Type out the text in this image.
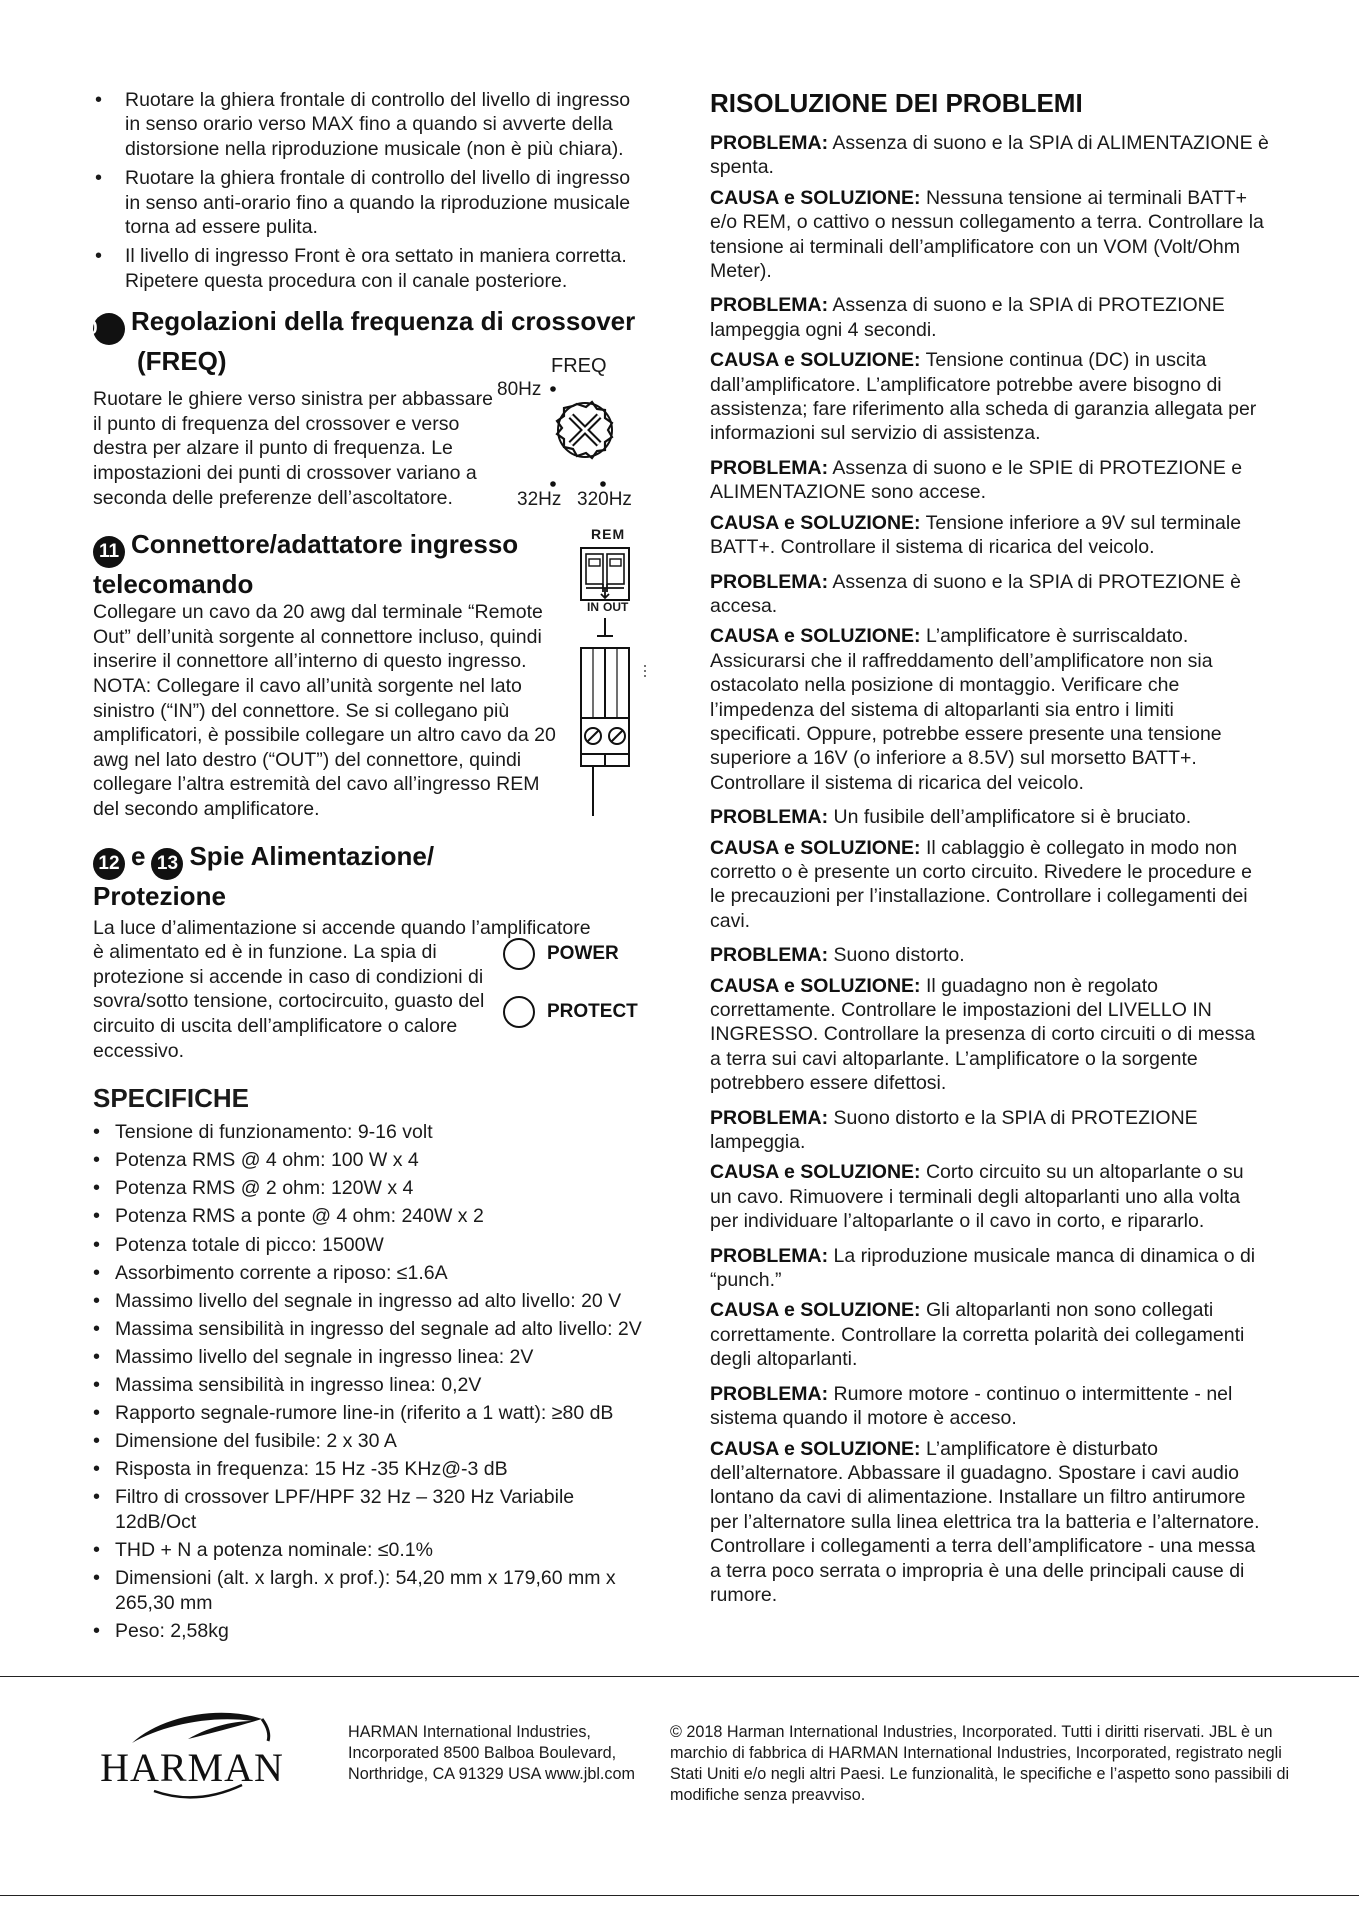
• Ruotare la ghiera frontale di controllo del livello di ingresso in senso orario verso MAX fino a quando si avverte della distorsione nella riproduzione musicale (non è più chiara).
• Ruotare la ghiera frontale di controllo del livello di ingresso in senso anti-orario fino a quando la riproduzione musicale torna ad essere pulita.
• Il livello di ingresso Front è ora settato in maniera corretta. Ripetere questa procedura con il canale posteriore.
10 Regolazioni della frequenza di crossover (FREQ)

Ruotare le ghiere verso sinistra per abbassare il punto di frequenza del crossover e verso destra per alzare il punto di frequenza. Le impostazioni dei punti di crossover variano a seconda delle preferenze dell’ascoltatore.

FREQ
80Hz
32Hz 320Hz
11 Connettore/adattatore ingresso telecomando

Collegare un cavo da 20 awg dal terminale “Remote Out” dell’unità sorgente al connettore incluso, quindi inserire il connettore all’interno di questo ingresso. NOTA: Collegare il cavo all’unità sorgente nel lato sinistro (“IN”) del connettore. Se si collegano più amplificatori, è possibile collegare un altro cavo da 20 awg nel lato destro (“OUT”) del connettore, quindi collegare l’altra estremità del cavo all’ingresso REM del secondo amplificatore.

REM
IN OUT
12 e 13 Spie Alimentazione/ Protezione

La luce d’alimentazione si accende quando l’amplificatore

è alimentato ed è in funzione. La spia di protezione si accende in caso di condizioni di sovra/sotto tensione, cortocircuito, guasto del circuito di uscita dell’amplificatore o calore eccessivo.

POWER
PROTECT
SPECIFICHE
• Tensione di funzionamento: 9-16 volt
• Potenza RMS @ 4 ohm: 100 W x 4
• Potenza RMS @ 2 ohm: 120W x 4
• Potenza RMS a ponte @ 4 ohm: 240W x 2
• Potenza totale di picco: 1500W
• Assorbimento corrente a riposo: ≤1.6A
• Massimo livello del segnale in ingresso ad alto livello: 20 V
• Massima sensibilità in ingresso del segnale ad alto livello: 2V
• Massimo livello del segnale in ingresso linea: 2V
• Massima sensibilità in ingresso linea: 0,2V
• Rapporto segnale-rumore line-in (riferito a 1 watt): ≥80 dB
• Dimensione del fusibile: 2 x 30 A
• Risposta in frequenza: 15 Hz -35 KHz@-3 dB
• Filtro di crossover LPF/HPF 32 Hz – 320 Hz Variabile 12dB/Oct
• THD + N a potenza nominale: ≤0.1%
• Dimensioni (alt. x largh. x prof.): 54,20 mm x 179,60 mm x 265,30 mm
• Peso: 2,58kg
RISOLUZIONE DEI PROBLEMI

PROBLEMA: Assenza di suono e la SPIA di ALIMENTAZIONE è spenta.

CAUSA e SOLUZIONE: Nessuna tensione ai terminali BATT+ e/o REM, o cattivo o nessun collegamento a terra. Controllare la tensione ai terminali dell’amplificatore con un VOM (Volt/Ohm Meter).

PROBLEMA: Assenza di suono e la SPIA di PROTEZIONE lampeggia ogni 4 secondi.

CAUSA e SOLUZIONE: Tensione continua (DC) in uscita dall’amplificatore. L’amplificatore potrebbe avere bisogno di assistenza; fare riferimento alla scheda di garanzia allegata per informazioni sul servizio di assistenza.

PROBLEMA: Assenza di suono e le SPIE di PROTEZIONE e ALIMENTAZIONE sono accese.

CAUSA e SOLUZIONE: Tensione inferiore a 9V sul terminale BATT+. Controllare il sistema di ricarica del veicolo.

PROBLEMA: Assenza di suono e la SPIA di PROTEZIONE è accesa.

CAUSA e SOLUZIONE: L’amplificatore è surriscaldato. Assicurarsi che il raffreddamento dell’amplificatore non sia ostacolato nella posizione di montaggio. Verificare che l’impedenza del sistema di altoparlanti sia entro i limiti specificati. Oppure, potrebbe essere presente una tensione superiore a 16V (o inferiore a 8.5V) sul morsetto BATT+. Controllare il sistema di ricarica del veicolo.

PROBLEMA: Un fusibile dell’amplificatore si è bruciato.

CAUSA e SOLUZIONE: Il cablaggio è collegato in modo non corretto o è presente un corto circuito. Rivedere le procedure e le precauzioni per l’installazione. Controllare i collegamenti dei cavi.

PROBLEMA: Suono distorto.

CAUSA e SOLUZIONE: Il guadagno non è regolato correttamente. Controllare le impostazioni del LIVELLO IN INGRESSO. Controllare la presenza di corto circuiti o di messa a terra sui cavi altoparlante. L’amplificatore o la sorgente potrebbero essere difettosi.

PROBLEMA: Suono distorto e la SPIA di PROTEZIONE lampeggia.

CAUSA e SOLUZIONE: Corto circuito su un altoparlante o su un cavo. Rimuovere i terminali degli altoparlanti uno alla volta per individuare l’altoparlante o il cavo in corto, e ripararlo.

PROBLEMA: La riproduzione musicale manca di dinamica o di “punch.”

CAUSA e SOLUZIONE: Gli altoparlanti non sono collegati correttamente. Controllare la corretta polarità dei collegamenti degli altoparlanti.

PROBLEMA: Rumore motore - continuo o intermittente - nel sistema quando il motore è acceso.

CAUSA e SOLUZIONE: L’amplificatore è disturbato dell’alternatore. Abbassare il guadagno. Spostare i cavi audio lontano da cavi di alimentazione. Installare un filtro antirumore per l’alternatore sulla linea elettrica tra la batteria e l’alternatore. Controllare i collegamenti a terra dell’amplificatore - una messa a terra poco serrata o impropria è una delle principali cause di rumore.

HARMAN
HARMAN International Industries, Incorporated 8500 Balboa Boulevard, Northridge, CA 91329 USA www.jbl.com
© 2018 Harman International Industries, Incorporated. Tutti i diritti riservati. JBL è un marchio di fabbrica di HARMAN International Industries, Incorporated, registrato negli Stati Uniti e/o negli altri Paesi. Le funzionalità, le specifiche e l’aspetto sono passibili di modifiche senza preavviso.
